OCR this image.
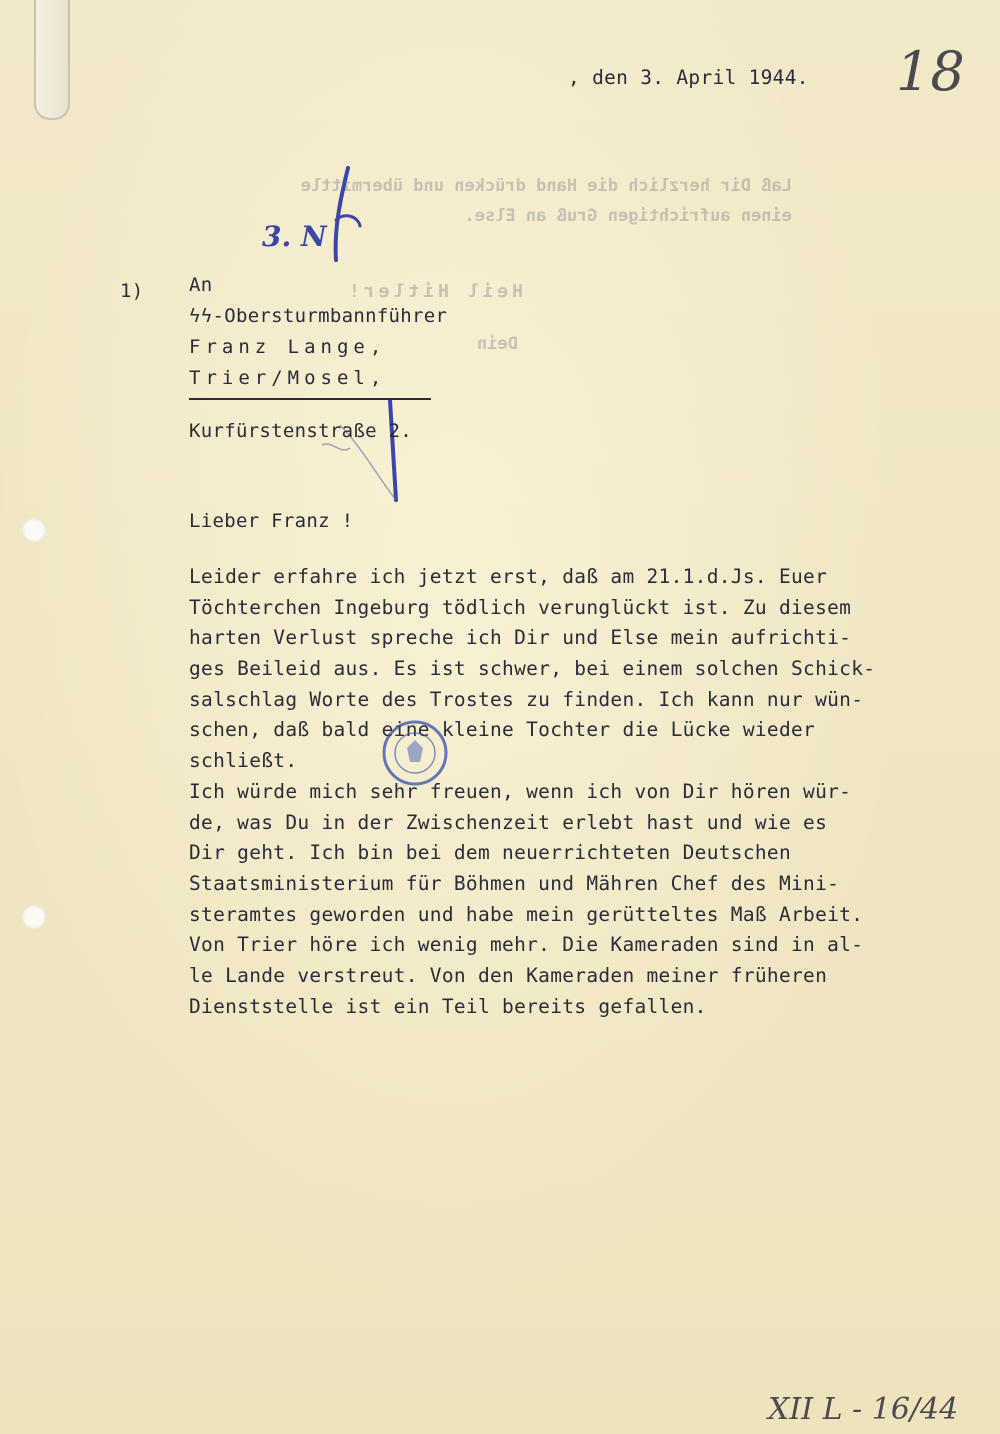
, den 3. April 1944. 18
Laß Dir herzlich die Hand drücken und übermittle
einen aufrichtigen Gruß an Else.
Heil Hitler!
Dein
3. N
1) An
ϟϟ-Obersturmbannführer
Franz Lange,
Trier/Mosel,
Kurfürstenstraße 2.
Lieber Franz !
Leider erfahre ich jetzt erst, daß am 21.1.d.Js. Euer
Töchterchen Ingeburg tödlich verunglückt ist. Zu diesem
harten Verlust spreche ich Dir und Else mein aufrichti-
ges Beileid aus. Es ist schwer, bei einem solchen Schick-
salschlag Worte des Trostes zu finden. Ich kann nur wün-
schen, daß bald eine kleine Tochter die Lücke wieder
schließt.
Ich würde mich sehr freuen, wenn ich von Dir hören wür-
de, was Du in der Zwischenzeit erlebt hast und wie es
Dir geht. Ich bin bei dem neuerrichteten Deutschen
Staatsministerium für Böhmen und Mähren Chef des Mini-
steramtes geworden und habe mein gerütteltes Maß Arbeit.
Von Trier höre ich wenig mehr. Die Kameraden sind in al-
le Lande verstreut. Von den Kameraden meiner früheren
Dienststelle ist ein Teil bereits gefallen.
XII L - 16/44
